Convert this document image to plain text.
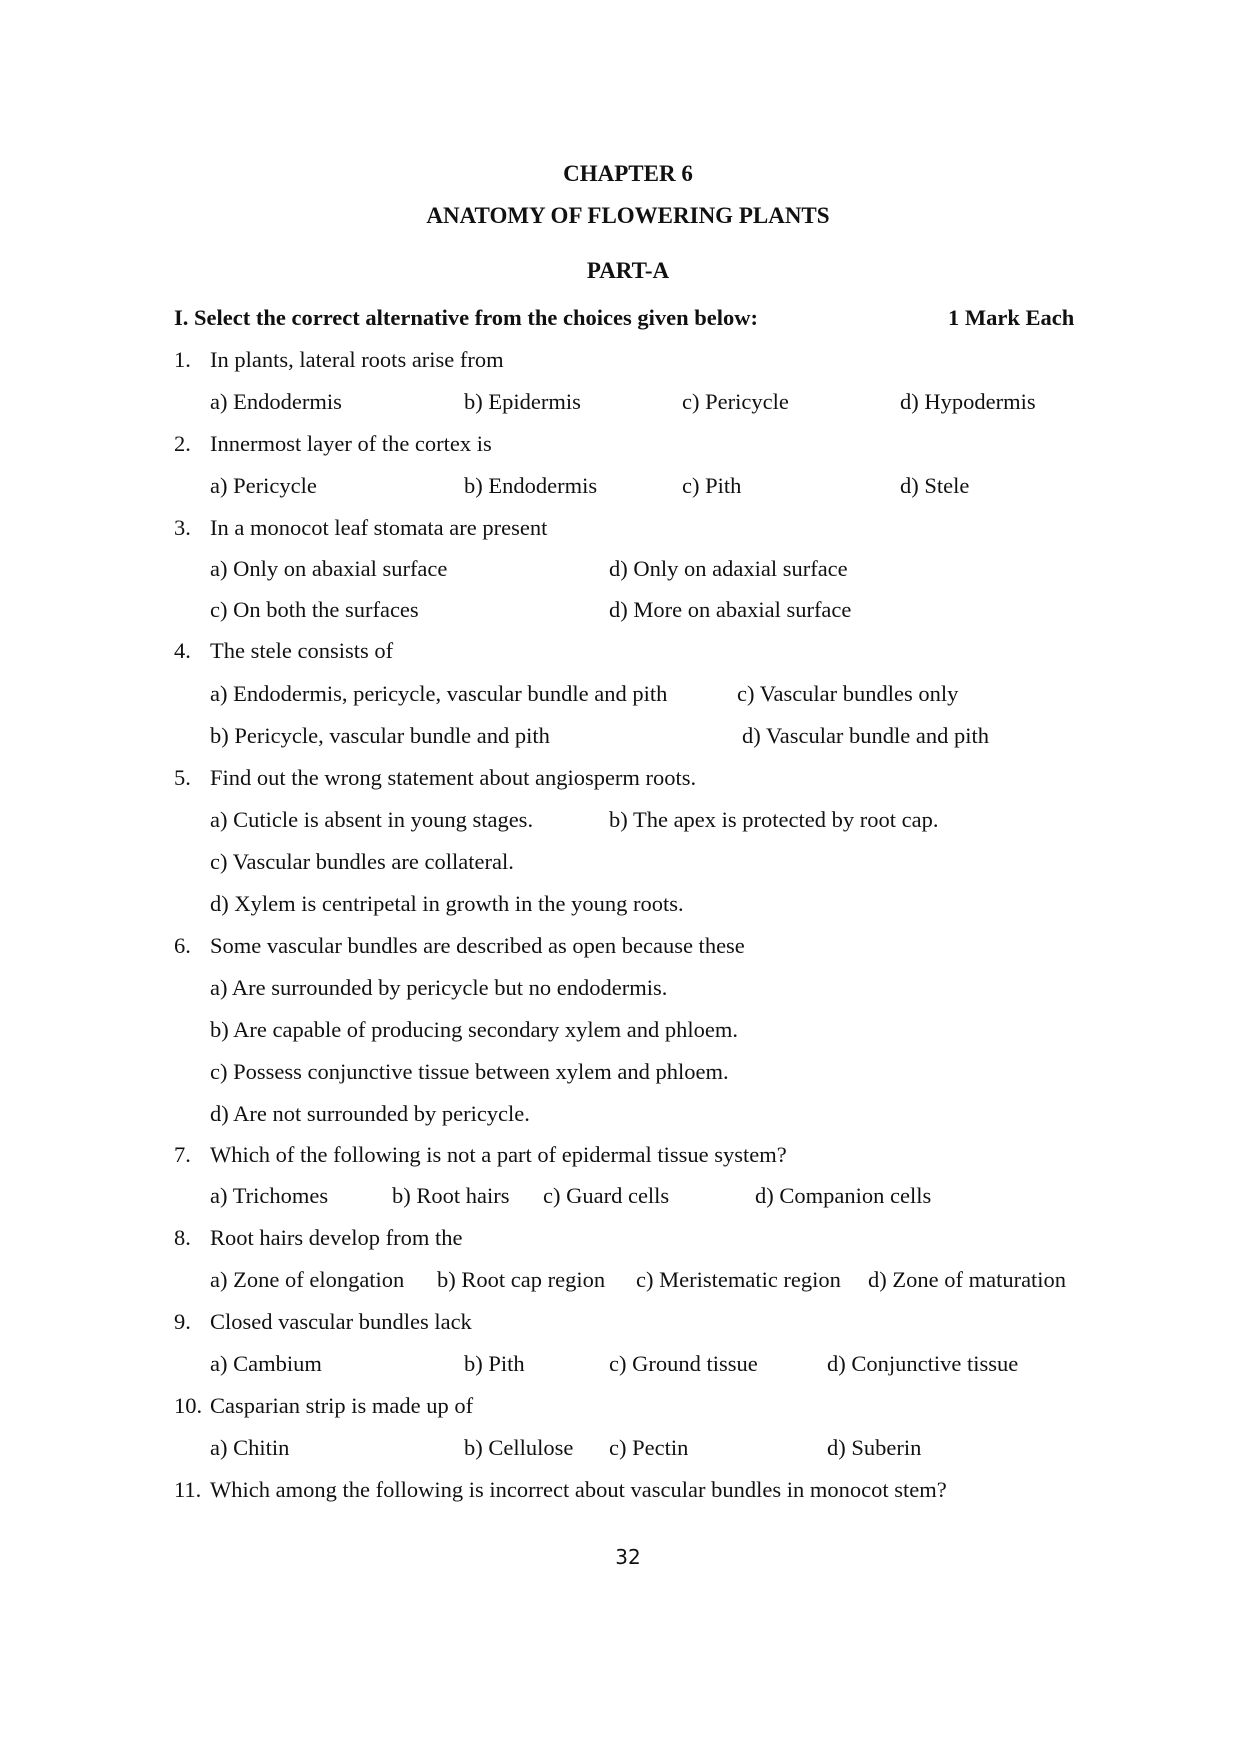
CHAPTER 6
ANATOMY OF FLOWERING PLANTS
PART-A
I. Select the correct alternative from the choices given below:	1 Mark Each
1. In plants, lateral roots arise from
a) Endodermis	b) Epidermis	c) Pericycle	d) Hypodermis
2. Innermost layer of the cortex is
a) Pericycle	b) Endodermis	c) Pith	d) Stele
3. In a monocot leaf stomata are present
a) Only on abaxial surface	d) Only on adaxial surface
c) On both the surfaces	d) More on abaxial surface
4. The stele consists of
a) Endodermis, pericycle, vascular bundle and pith	c) Vascular bundles only
b) Pericycle, vascular bundle and pith	d) Vascular bundle and pith
5. Find out the wrong statement about angiosperm roots.
a) Cuticle is absent in young stages.	b) The apex is protected by root cap.
c) Vascular bundles are collateral.
d) Xylem is centripetal in growth in the young roots.
6. Some vascular bundles are described as open because these
a) Are surrounded by pericycle but no endodermis.
b) Are capable of producing secondary xylem and phloem.
c) Possess conjunctive tissue between xylem and phloem.
d) Are not surrounded by pericycle.
7. Which of the following is not a part of epidermal tissue system?
a) Trichomes	b) Root hairs c) Guard cells	d) Companion cells
8. Root hairs develop from the
a) Zone of elongation b) Root cap region c) Meristematic region d) Zone of maturation
9. Closed vascular bundles lack
a) Cambium	b) Pith	c) Ground tissue	d) Conjunctive tissue
10. Casparian strip is made up of
a) Chitin	b) Cellulose c) Pectin	d) Suberin
11. Which among the following is incorrect about vascular bundles in monocot stem?
32
